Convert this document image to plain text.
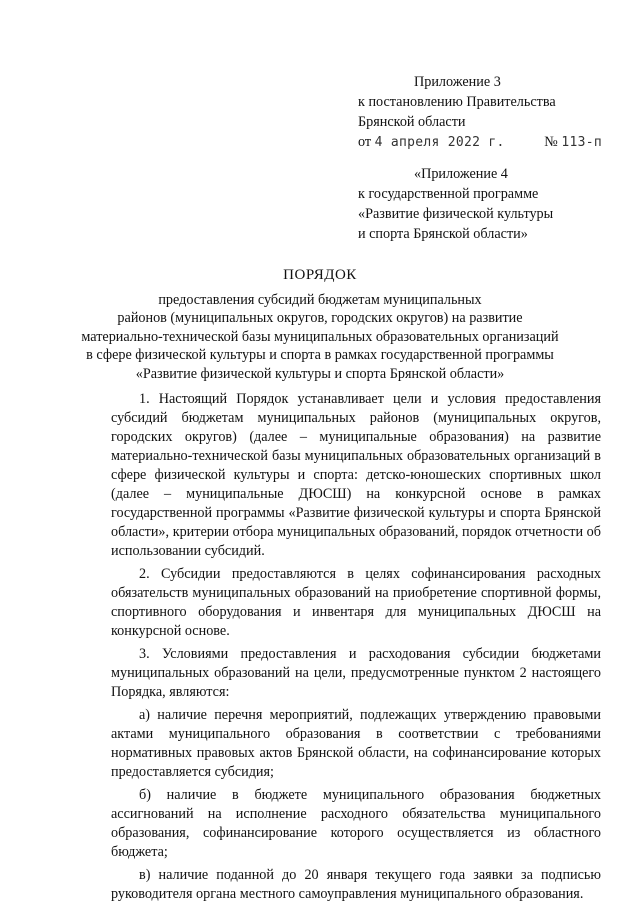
Приложение 3
к постановлению Правительства
Брянской области
от 4 апреля 2022 г.	№ 113-п
«Приложение 4
к государственной программе
«Развитие физической культуры
и спорта Брянской области»
ПОРЯДОК
предоставления субсидий бюджетам муниципальных
районов (муниципальных округов, городских округов) на развитие
материально-технической базы муниципальных образовательных организаций
в сфере физической культуры и спорта в рамках государственной программы
«Развитие физической культуры и спорта Брянской области»

1. Настоящий Порядок устанавливает цели и условия предоставления субсидий бюджетам муниципальных районов (муниципальных округов, городских округов) (далее – муниципальные образования) на развитие материально-технической базы муниципальных образовательных организаций в сфере физической культуры и спорта: детско-юношеских спортивных школ (далее – муниципальные ДЮСШ) на конкурсной основе в рамках государственной программы «Развитие физической культуры и спорта Брянской области», критерии отбора муниципальных образований, порядок отчетности об использовании субсидий.

2. Субсидии предоставляются в целях софинансирования расходных обязательств муниципальных образований на приобретение спортивной формы, спортивного оборудования и инвентаря для муниципальных ДЮСШ на конкурсной основе.

3. Условиями предоставления и расходования субсидии бюджетами муниципальных образований на цели, предусмотренные пунктом 2 настоящего Порядка, являются:

а) наличие перечня мероприятий, подлежащих утверждению правовыми актами муниципального образования в соответствии с требованиями нормативных правовых актов Брянской области, на софинансирование которых предоставляется субсидия;

б) наличие в бюджете муниципального образования бюджетных ассигнований на исполнение расходного обязательства муниципального образования, софинансирование которого осуществляется из областного бюджета;

в) наличие поданной до 20 января текущего года заявки за подписью руководителя органа местного самоуправления муниципального образования.
